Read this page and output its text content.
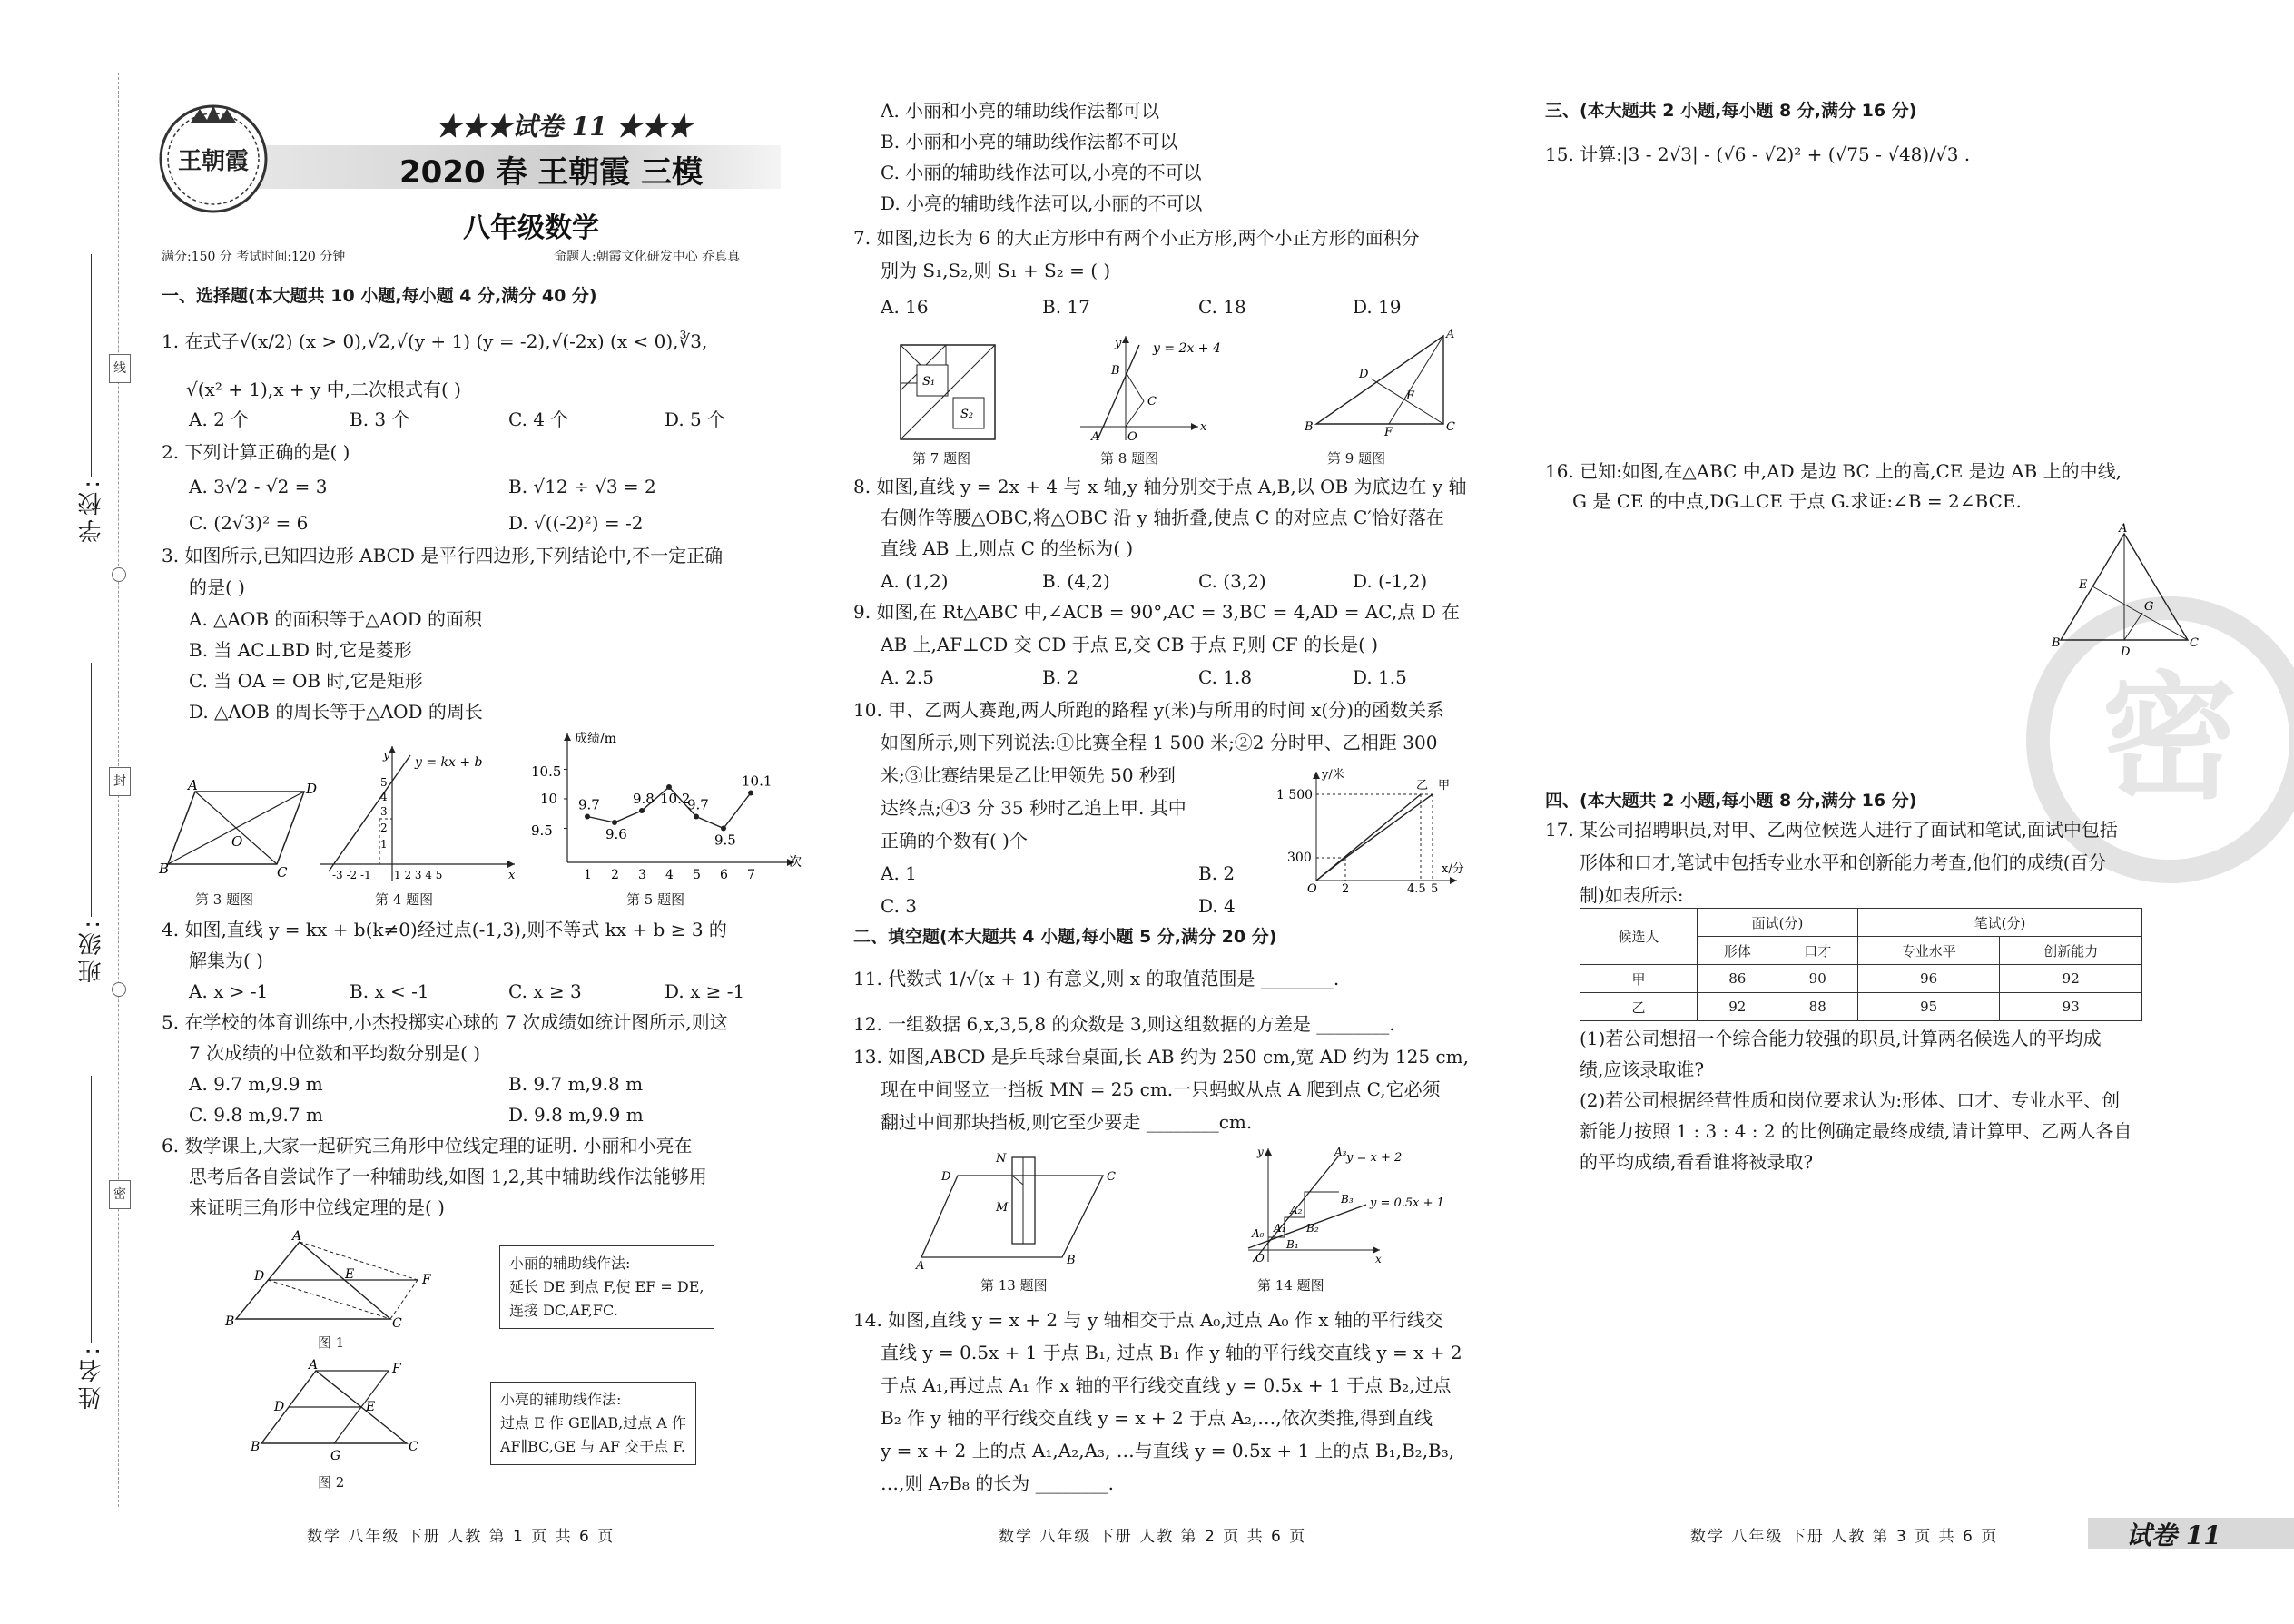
学校:
班级:
姓名:
线
封
密
王朝霞
★★★试卷 11 ★★★
2020 春 王朝霞 三模
八年级数学
满分:150 分 考试时间:120 分钟	命题人:朝霞文化研发中心 乔真真
一、选择题(本大题共 10 小题,每小题 4 分,满分 40 分)
1. 在式子√(x/2) (x > 0),√2,√(y + 1) (y = -2),√(-2x) (x < 0),∛3,
√(x² + 1),x + y 中,二次根式有( )
A. 2 个	B. 3 个	C. 4 个	D. 5 个
2. 下列计算正确的是( )
A. 3√2 - √2 = 3	B. √12 ÷ √3 = 2
C. (2√3)² = 6	D. √((-2)²) = -2
3. 如图所示,已知四边形 ABCD 是平行四边形,下列结论中,不一定正确
的是( )
A. △AOB 的面积等于△AOD 的面积
B. 当 AC⊥BD 时,它是菱形
C. 当 OA = OB 时,它是矩形
D. △AOB 的周长等于△AOD 的周长
A	D
B	C
O
第 3 题图
y = kx + b
y
x
5
4
3
2
1
-3 -2 -1 1 2 3 4 5
第 4 题图
成绩/m
次
10.5
10
9.5
9.7
1
9.6
2
9.8
3
10.2
4
9.7
5
9.5
6
10.1
7
第 5 题图
4. 如图,直线 y = kx + b(k≠0)经过点(-1,3),则不等式 kx + b ≥ 3 的
解集为( )
A. x > -1	B. x < -1	C. x ≥ 3	D. x ≥ -1
5. 在学校的体育训练中,小杰投掷实心球的 7 次成绩如统计图所示,则这
7 次成绩的中位数和平均数分别是( )
A. 9.7 m,9.9 m	B. 9.7 m,9.8 m
C. 9.8 m,9.7 m	D. 9.8 m,9.9 m
6. 数学课上,大家一起研究三角形中位线定理的证明. 小丽和小亮在
思考后各自尝试作了一种辅助线,如图 1,2,其中辅助线作法能够用
来证明三角形中位线定理的是( )
A
D	E	F
B	C
图 1
小丽的辅助线作法:
延长 DE 到点 F,使 EF = DE,
连接 DC,AF,FC.
A	F
D	E
B	C
G
图 2
小亮的辅助线作法:
过点 E 作 GE∥AB,过点 A 作
AF∥BC,GE 与 AF 交于点 F.
数学 八年级 下册 人教 第 1 页 共 6 页
A. 小丽和小亮的辅助线作法都可以
B. 小丽和小亮的辅助线作法都不可以
C. 小丽的辅助线作法可以,小亮的不可以
D. 小亮的辅助线作法可以,小丽的不可以
7. 如图,边长为 6 的大正方形中有两个小正方形,两个小正方形的面积分
别为 S₁,S₂,则 S₁ + S₂ = ( )
A. 16	B. 17	C. 18	D. 19
S₁
S₂
第 7 题图
y = 2x + 4
y
x
B
C
A O
第 8 题图
A
D
E
F
B	C
第 9 题图
8. 如图,直线 y = 2x + 4 与 x 轴,y 轴分别交于点 A,B,以 OB 为底边在 y 轴
右侧作等腰△OBC,将△OBC 沿 y 轴折叠,使点 C 的对应点 C′恰好落在
直线 AB 上,则点 C 的坐标为( )
A. (1,2)	B. (4,2)	C. (3,2)	D. (-1,2)
9. 如图,在 Rt△ABC 中,∠ACB = 90°,AC = 3,BC = 4,AD = AC,点 D 在
AB 上,AF⊥CD 交 CD 于点 E,交 CB 于点 F,则 CF 的长是( )
A. 2.5	B. 2	C. 1.8	D. 1.5
10. 甲、乙两人赛跑,两人所跑的路程 y(米)与所用的时间 x(分)的函数关系
如图所示,则下列说法:①比赛全程 1 500 米;②2 分时甲、乙相距 300
米;③比赛结果是乙比甲领先 50 秒到
达终点;④3 分 35 秒时乙追上甲. 其中
正确的个数有( )个
A. 1	B. 2
C. 3	D. 4
y/米
x/分
1 500
300
O 2	4.5 5
乙 甲
二、填空题(本大题共 4 小题,每小题 5 分,满分 20 分)
11. 代数式 1/√(x + 1) 有意义,则 x 的取值范围是 ________.
12. 一组数据 6,x,3,5,8 的众数是 3,则这组数据的方差是 ________.
13. 如图,ABCD 是乒乓球台桌面,长 AB 约为 250 cm,宽 AD 约为 125 cm,
现在中间竖立一挡板 MN = 25 cm.一只蚂蚁从点 A 爬到点 C,它必须
翻过中间那块挡板,则它至少要走 ________cm.
N
M
D	C
A	B
第 13 题图
y = x + 2
y = 0.5x + 1
y
x
A₃
A₂
A₁
A₀
B₁
B₂
B₃
O
第 14 题图
14. 如图,直线 y = x + 2 与 y 轴相交于点 A₀,过点 A₀ 作 x 轴的平行线交
直线 y = 0.5x + 1 于点 B₁, 过点 B₁ 作 y 轴的平行线交直线 y = x + 2
于点 A₁,再过点 A₁ 作 x 轴的平行线交直线 y = 0.5x + 1 于点 B₂,过点
B₂ 作 y 轴的平行线交直线 y = x + 2 于点 A₂,…,依次类推,得到直线
y = x + 2 上的点 A₁,A₂,A₃, …与直线 y = 0.5x + 1 上的点 B₁,B₂,B₃,
…,则 A₇B₈ 的长为 ________.
数学 八年级 下册 人教 第 2 页 共 6 页
密
三、(本大题共 2 小题,每小题 8 分,满分 16 分)
15. 计算:|3 - 2√3| - (√6 - √2)² + (√75 - √48)/√3 .
16. 已知:如图,在△ABC 中,AD 是边 BC 上的高,CE 是边 AB 上的中线,
G 是 CE 的中点,DG⊥CE 于点 G.求证:∠B = 2∠BCE.
A
E
G
B
D
C
四、(本大题共 2 小题,每小题 8 分,满分 16 分)
17. 某公司招聘职员,对甲、乙两位候选人进行了面试和笔试,面试中包括
形体和口才,笔试中包括专业水平和创新能力考查,他们的成绩(百分
制)如表所示:
候选人	面试(分)		笔试(分)	
	形体	口才	专业水平	创新能力
甲	86	90	96	92
乙	92	88	95	93
(1)若公司想招一个综合能力较强的职员,计算两名候选人的平均成
绩,应该录取谁?
(2)若公司根据经营性质和岗位要求认为:形体、口才、专业水平、创
新能力按照 1 : 3 : 4 : 2 的比例确定最终成绩,请计算甲、乙两人各自
的平均成绩,看看谁将被录取?
数学 八年级 下册 人教 第 3 页 共 6 页	试卷 11
